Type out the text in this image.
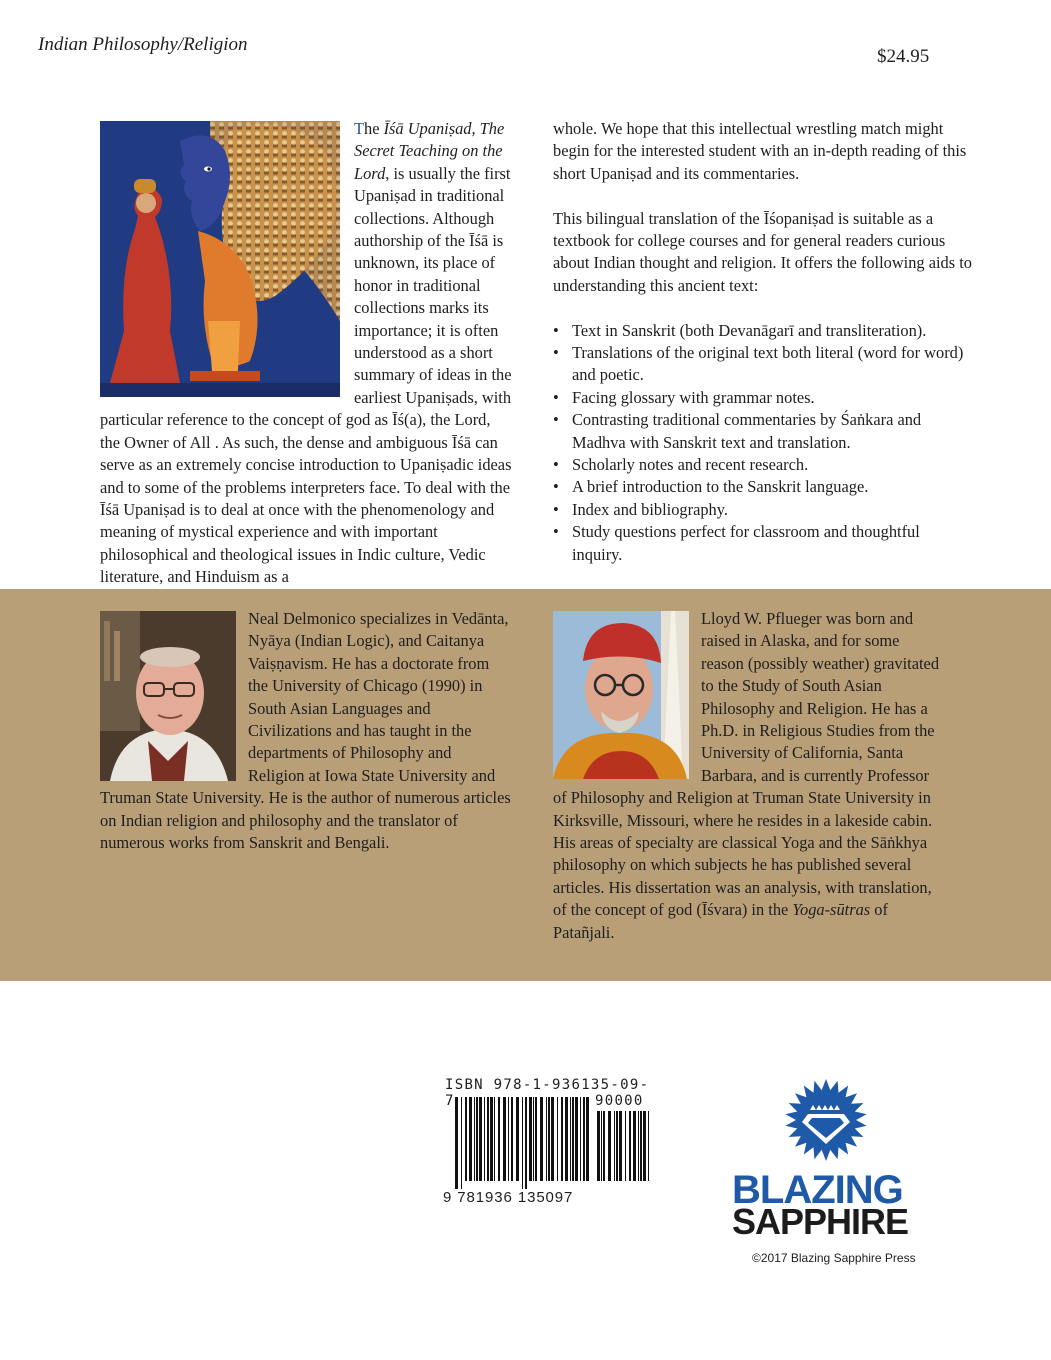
Indian Philosophy/Religion
$24.95
The Īśā Upaniṣad, The Secret Teaching on the Lord, is usually the first Upaniṣad in traditional collections. Although authorship of the Īśā is unknown, its place of honor in traditional collections marks its importance; it is often understood as a short summary of ideas in the earliest Upaniṣads, with particular reference to the concept of god as Īś(a), the Lord, the Owner of All . As such, the dense and ambiguous Īśā can serve as an extremely concise introduction to Upaniṣadic ideas and to some of the problems interpreters face. To deal with the Īśā Upaniṣad is to deal at once with the phenomenology and meaning of mystical experience and with important philosophical and theological issues in Indic culture, Vedic literature, and Hinduism as a

whole. We hope that this intellectual wrestling match might begin for the interested student with an in-depth reading of this short Upaniṣad and its commentaries.

This bilingual translation of the Īśopaniṣad is suitable as a textbook for college courses and for general readers curious about Indian thought and religion. It offers the following aids to understanding this ancient text:

• Text in Sanskrit (both Devanāgarī and transliteration).
• Translations of the original text both literal (word for word) and poetic.
• Facing glossary with grammar notes.
• Contrasting traditional commentaries by Śaṅkara and Madhva with Sanskrit text and translation.
• Scholarly notes and recent research.
• A brief introduction to the Sanskrit language.
• Index and bibliography.
• Study questions perfect for classroom and thoughtful inquiry.
Neal Delmonico specializes in Vedānta, Nyāya (Indian Logic), and Caitanya Vaiṣṇavism. He has a doctorate from the University of Chicago (1990) in South Asian Languages and Civilizations and has taught in the departments of Philosophy and Religion at Iowa State University and Truman State University. He is the author of numerous articles on Indian religion and philosophy and the translator of numerous works from Sanskrit and Bengali.
Lloyd W. Pflueger was born and raised in Alaska, and for some reason (possibly weather) gravitated to the Study of South Asian Philosophy and Religion. He has a Ph.D. in Religious Studies from the University of California, Santa Barbara, and is currently Professor of Philosophy and Religion at Truman State University in Kirksville, Missouri, where he resides in a lakeside cabin. His areas of specialty are classical Yoga and the Sāṅkhya philosophy on which subjects he has published several articles. His dissertation was an analysis, with translation, of the concept of god (Īśvara) in the Yoga-sūtras of Patañjali.
ISBN 978-1-936135-09-7	90000
9 781936 135097	BLAZING
SAPPHIRE
©2017 Blazing Sapphire Press
